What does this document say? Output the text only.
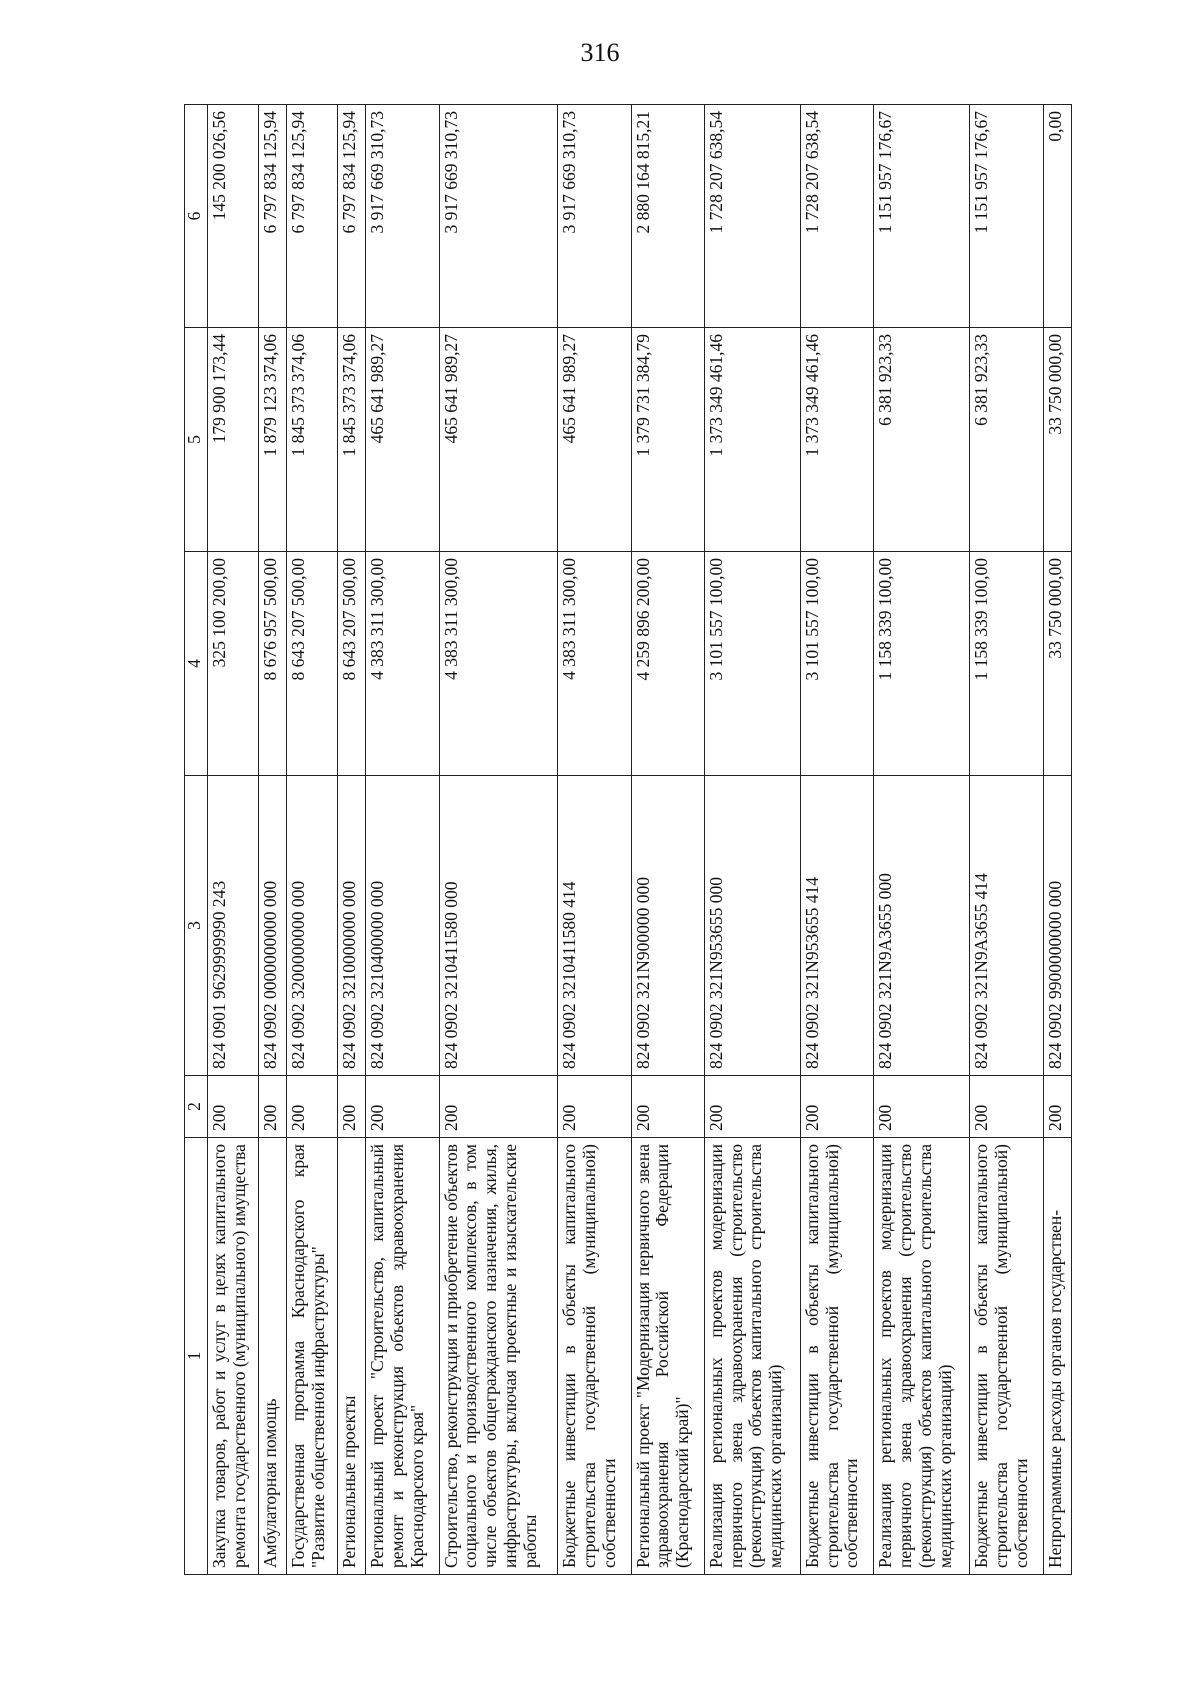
316
1	2	3	4	5	6
Закупка товаров, работ и услуг в целях капитального ремонта государственного (муниципального) имущества	200	824 0901 9629999990 243	325 100 200,00	179 900 173,44	145 200 026,56
Амбулаторная помощь	200	824 0902 0000000000 000	8 676 957 500,00	1 879 123 374,06	6 797 834 125,94
Государственная программа Краснодарского края "Развитие общественной инфраструктуры"	200	824 0902 3200000000 000	8 643 207 500,00	1 845 373 374,06	6 797 834 125,94
Региональные проекты	200	824 0902 3210000000 000	8 643 207 500,00	1 845 373 374,06	6 797 834 125,94
Региональный проект "Строительство, капитальный ремонт и реконструкция объектов здравоохранения Краснодарского края"	200	824 0902 3210400000 000	4 383 311 300,00	465 641 989,27	3 917 669 310,73
Строительство, реконструкция и приобретение объектов социального и производственного комплексов, в том числе объектов общегражданского назначения, жилья, инфраструктуры, включая проектные и изыскательские работы	200	824 0902 3210411580 000	4 383 311 300,00	465 641 989,27	3 917 669 310,73
Бюджетные инвестиции в объекты капитального строительства государственной (муниципальной) собственности	200	824 0902 3210411580 414	4 383 311 300,00	465 641 989,27	3 917 669 310,73
Региональный проект "Модернизация первичного звена здравоохранения Российской Федерации (Краснодарский край)"	200	824 0902 321N900000 000	4 259 896 200,00	1 379 731 384,79	2 880 164 815,21
Реализация региональных проектов модернизации первичного звена здравоохранения (строительство (реконструкция) объектов капитального строительства медицинских организаций)	200	824 0902 321N953655 000	3 101 557 100,00	1 373 349 461,46	1 728 207 638,54
Бюджетные инвестиции в объекты капитального строительства государственной (муниципальной) собственности	200	824 0902 321N953655 414	3 101 557 100,00	1 373 349 461,46	1 728 207 638,54
Реализация региональных проектов модернизации первичного звена здравоохранения (строительство (реконструкция) объектов капитального строительства медицинских организаций)	200	824 0902 321N9A3655 000	1 158 339 100,00	6 381 923,33	1 151 957 176,67
Бюджетные инвестиции в объекты капитального строительства государственной (муниципальной) собственности	200	824 0902 321N9A3655 414	1 158 339 100,00	6 381 923,33	1 151 957 176,67
Непрограммные расходы органов государствен-	200	824 0902 9900000000 000	33 750 000,00	33 750 000,00	0,00
